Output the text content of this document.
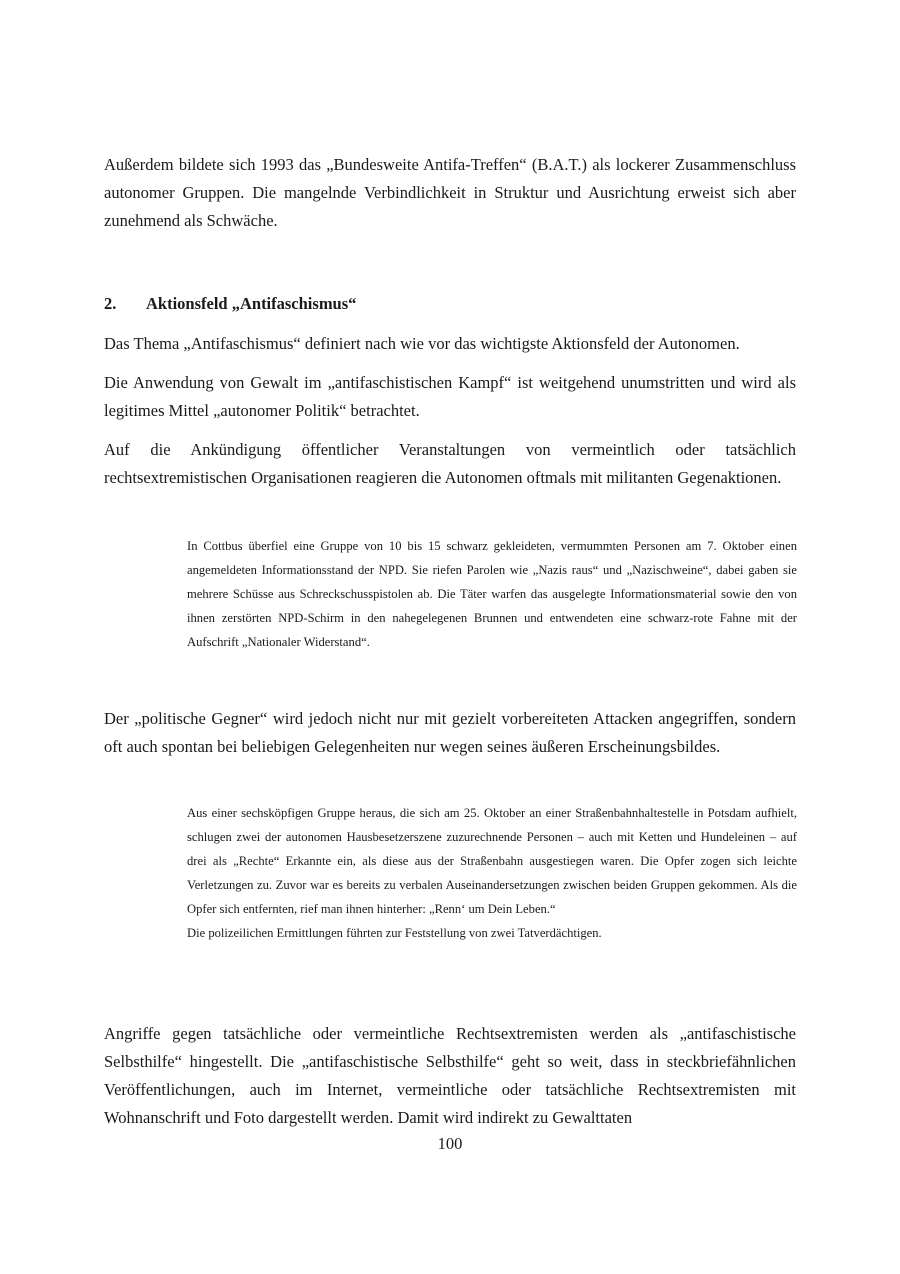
Außerdem bildete sich 1993 das „Bundesweite Antifa-Treffen“ (B.A.T.) als lockerer Zusammenschluss autonomer Gruppen. Die mangelnde Verbindlichkeit in Struktur und Ausrichtung erweist sich aber zunehmend als Schwäche.

2. Aktionsfeld „Antifaschismus“

Das Thema „Antifaschismus“ definiert nach wie vor das wichtigste Aktionsfeld der Autonomen.

Die Anwendung von Gewalt im „antifaschistischen Kampf“ ist weitgehend unumstritten und wird als legitimes Mittel „autonomer Politik“ betrachtet.

Auf die Ankündigung öffentlicher Veranstaltungen von vermeintlich oder tatsächlich rechtsextremistischen Organisationen reagieren die Autonomen oftmals mit militanten Gegenaktionen.

In Cottbus überfiel eine Gruppe von 10 bis 15 schwarz gekleideten, vermummten Personen am 7. Oktober einen angemeldeten Informationsstand der NPD. Sie riefen Parolen wie „Nazis raus“ und „Nazischweine“, dabei gaben sie mehrere Schüsse aus Schreckschusspistolen ab. Die Täter warfen das ausgelegte Informationsmaterial sowie den von ihnen zerstörten NPD-Schirm in den nahegelegenen Brunnen und entwendeten eine schwarz-rote Fahne mit der Aufschrift „Nationaler Widerstand“.

Der „politische Gegner“ wird jedoch nicht nur mit gezielt vorbereiteten Attacken angegriffen, sondern oft auch spontan bei beliebigen Gelegenheiten nur wegen seines äußeren Erscheinungsbildes.

Aus einer sechsköpfigen Gruppe heraus, die sich am 25. Oktober an einer Straßenbahnhaltestelle in Potsdam aufhielt, schlugen zwei der autonomen Hausbesetzerszene zuzurechnende Personen – auch mit Ketten und Hundeleinen – auf drei als „Rechte“ Erkannte ein, als diese aus der Straßenbahn ausgestiegen waren. Die Opfer zogen sich leichte Verletzungen zu. Zuvor war es bereits zu verbalen Auseinandersetzungen zwischen beiden Gruppen gekommen. Als die Opfer sich entfernten, rief man ihnen hinterher: „Renn‘ um Dein Leben.“
Die polizeilichen Ermittlungen führten zur Feststellung von zwei Tatverdächtigen.

Angriffe gegen tatsächliche oder vermeintliche Rechtsextremisten werden als „antifaschistische Selbsthilfe“ hingestellt. Die „antifaschistische Selbsthilfe“ geht so weit, dass in steckbriefähnlichen Veröffentlichungen, auch im Internet, vermeintliche oder tatsächliche Rechtsextremisten mit Wohnanschrift und Foto dargestellt werden. Damit wird indirekt zu Gewalttaten

100
